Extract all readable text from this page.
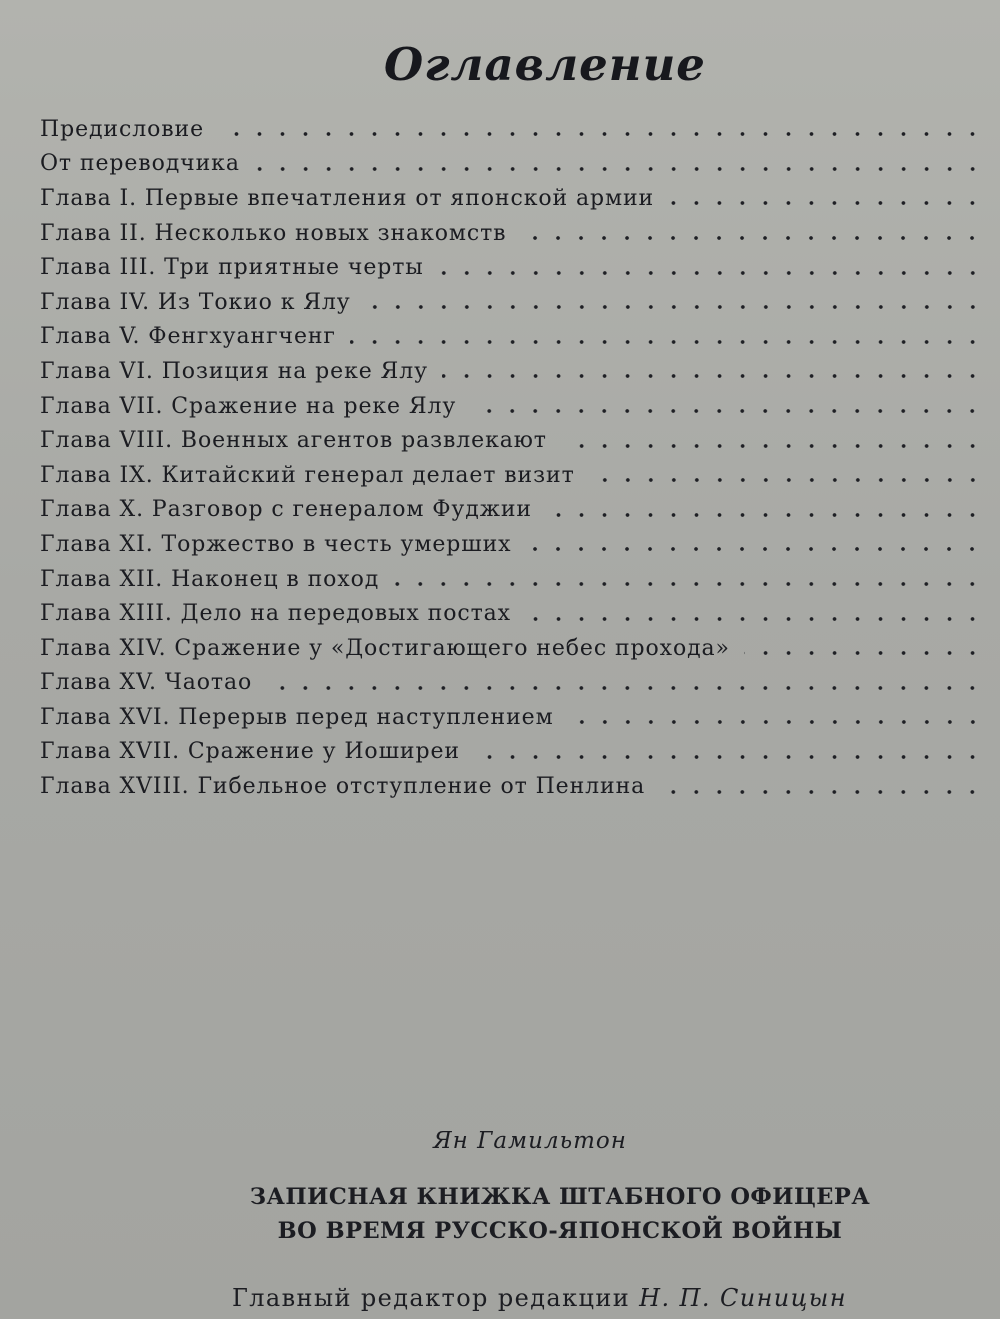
Оглавление
Предисловие
От переводчика
Глава I. Первые впечатления от японской армии
Глава II. Несколько новых знакомств
Глава III. Три приятные черты
Глава IV. Из Токио к Ялу
Глава V. Фенгхуангченг
Глава VI. Позиция на реке Ялу
Глава VII. Сражение на реке Ялу
Глава VIII. Военных агентов развлекают
Глава IX. Китайский генерал делает визит
Глава X. Разговор с генералом Фуджии
Глава XI. Торжество в честь умерших
Глава XII. Наконец в поход
Глава XIII. Дело на передовых постах
Глава XIV. Сражение у «Достигающего небес прохода»
Глава XV. Чаотао
Глава XVI. Перерыв перед наступлением
Глава XVII. Сражение у Иоширеи
Глава XVIII. Гибельное отступление от Пенлина
Ян Гамильтон
ЗАПИСНАЯ КНИЖКА ШТАБНОГО ОФИЦЕРА
ВО ВРЕМЯ РУССКО-ЯПОНСКОЙ ВОЙНЫ
Главный редактор редакции Н. П. Синицын
